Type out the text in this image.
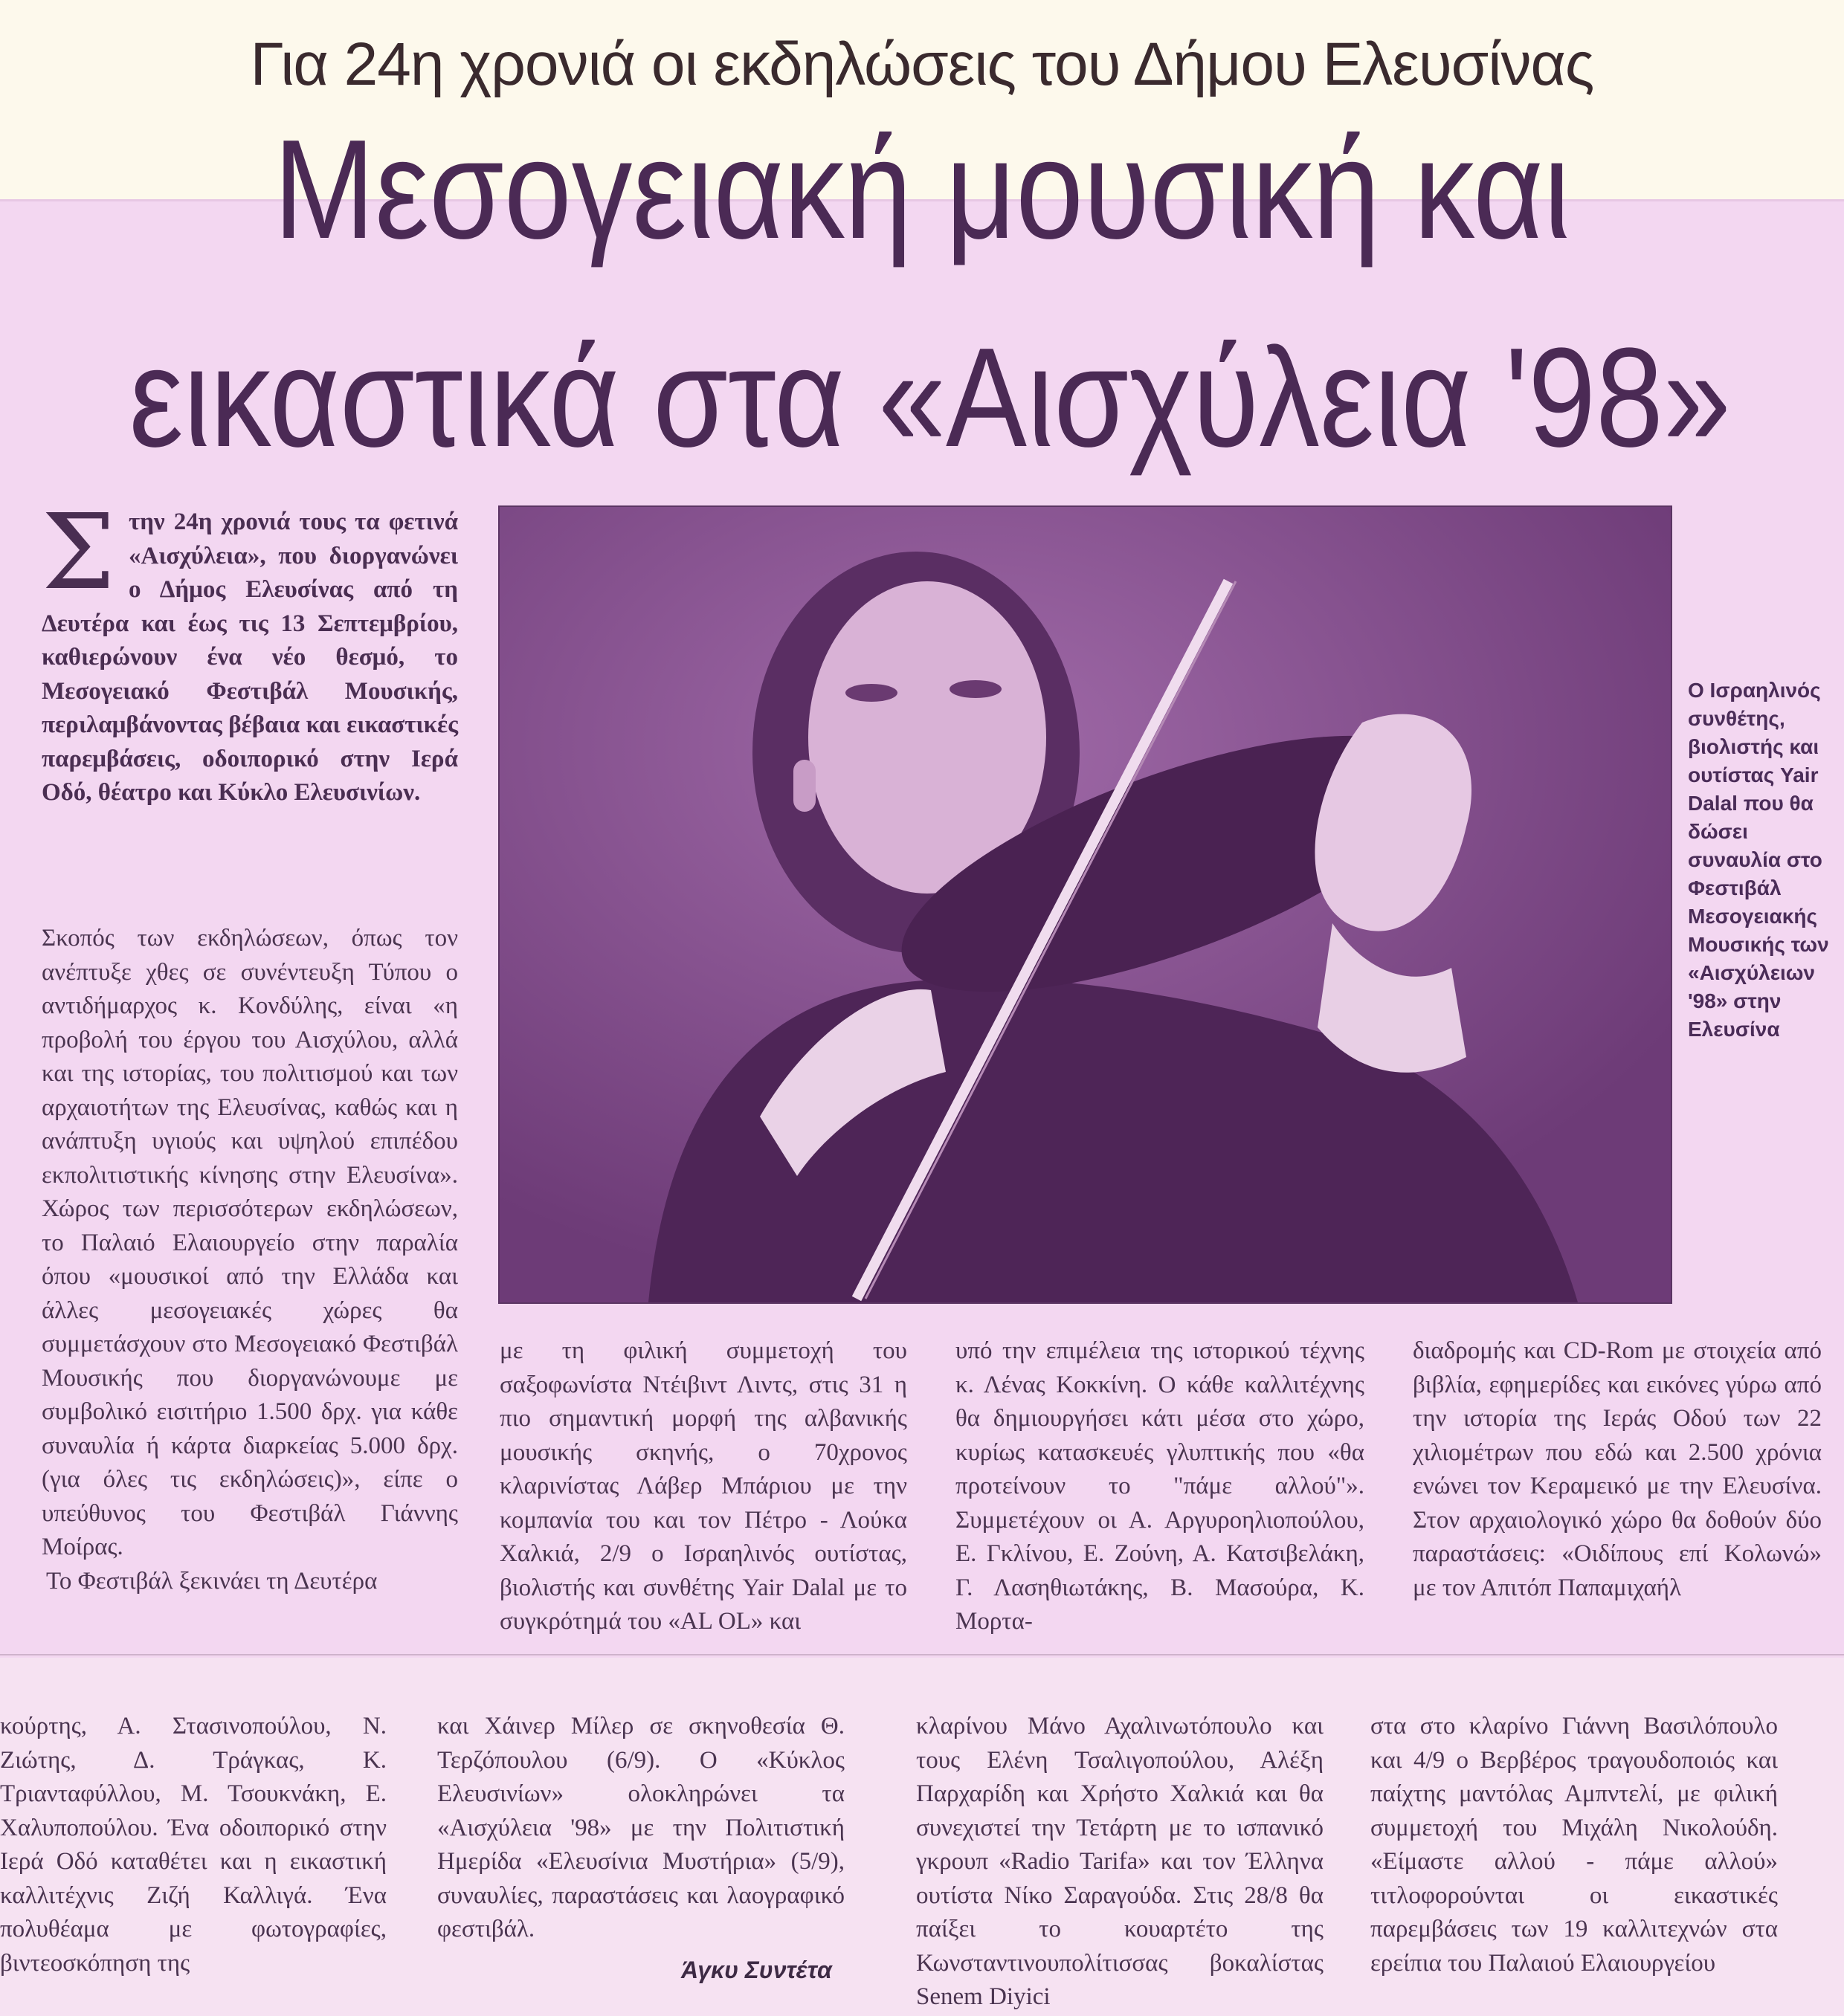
Για 24η χρονιά οι εκδηλώσεις του Δήμου Ελευσίνας
Μεσογειακή μουσική και
εικαστικά στα «Αισχύλεια '98»
Σ την 24η χρονιά τους τα φετινά «Αισχύλεια», που διοργανώνει ο Δήμος Ελευσίνας από τη Δευτέρα και έως τις 13 Σεπτεμβρίου, καθιερώνουν ένα νέο θεσμό, το Μεσογειακό Φεστιβάλ Μουσικής, περιλαμβάνοντας βέβαια και εικαστικές παρεμβάσεις, οδοιπορικό στην Ιερά Οδό, θέατρο και Κύκλο Ελευσινίων.
Σκοπός των εκδηλώσεων, όπως τον ανέπτυξε χθες σε συνέντευξη Τύπου ο αντιδήμαρχος κ. Κονδύλης, είναι «η προβολή του έργου του Αισχύλου, αλλά και της ιστορίας, του πολιτισμού και των αρχαιοτήτων της Ελευσίνας, καθώς και η ανάπτυξη υγιούς και υψηλού επιπέδου εκπολιτιστικής κίνησης στην Ελευσίνα». Χώρος των περισσότερων εκδηλώσεων, το Παλαιό Ελαιουργείο στην παραλία όπου «μουσικοί από την Ελλάδα και άλλες μεσογειακές χώρες θα συμμετάσχουν στο Μεσογειακό Φεστιβάλ Μουσικής που διοργανώνουμε με συμβολικό εισιτήριο 1.500 δρχ. για κάθε συναυλία ή κάρτα διαρκείας 5.000 δρχ. (για όλες τις εκδηλώσεις)», είπε ο υπεύθυνος του Φεστιβάλ Γιάννης Μοίρας.
Το Φεστιβάλ ξεκινάει τη Δευτέρα
Ο Ισραηλινός συνθέτης, βιολιστής και ουτίστας Yair Dalal που θα δώσει συναυλία στο Φεστιβάλ Μεσογειακής Μουσικής των «Αισχύλειων '98» στην Ελευσίνα
με τη φιλική συμμετοχή του σαξοφωνίστα Ντέιβιντ Λιντς, στις 31 η πιο σημαντική μορφή της αλβανικής μουσικής σκηνής, ο 70χρονος κλαρινίστας Λάβερ Μπάριου με την κομπανία του και τον Πέτρο - Λούκα Χαλκιά, 2/9 ο Ισραηλινός ουτίστας, βιολιστής και συνθέτης Yair Dalal με το συγκρότημά του «AL OL» και
υπό την επιμέλεια της ιστορικού τέχνης κ. Λένας Κοκκίνη. Ο κάθε καλλιτέχνης θα δημιουργήσει κάτι μέσα στο χώρο, κυρίως κατασκευές γλυπτικής που «θα προτείνουν το "πάμε αλλού"». Συμμετέχουν οι Α. Αργυροηλιοπούλου, Ε. Γκλίνου, Ε. Ζούνη, Α. Κατσιβελάκη, Γ. Λασηθιωτάκης, Β. Μασούρα, Κ. Μορτα-
διαδρομής και CD-Rom με στοιχεία από βιβλία, εφημερίδες και εικόνες γύρω από την ιστορία της Ιεράς Οδού των 22 χιλιομέτρων που εδώ και 2.500 χρόνια ενώνει τον Κεραμεικό με την Ελευσίνα. Στον αρχαιολογικό χώρο θα δοθούν δύο παραστάσεις: «Οιδίπους επί Κολωνώ» με τον Απιτόπ Παπαμιχαήλ
κούρτης, Α. Στασινοπούλου, Ν. Ζιώτης, Δ. Τράγκας, Κ. Τριανταφύλλου, Μ. Τσουκνάκη, Ε. Χαλυποπούλου. Ένα οδοιπορικό στην Ιερά Οδό καταθέτει και η εικαστική καλλιτέχνις Ζιζή Καλλιγά. Ένα πολυθέαμα με φωτογραφίες, βιντεοσκόπηση της
και Χάινερ Μίλερ σε σκηνοθεσία Θ. Τερζόπουλου (6/9). Ο «Κύκλος Ελευσινίων» ολοκληρώνει τα «Αισχύλεια '98» με την Πολιτιστική Ημερίδα «Ελευσίνια Μυστήρια» (5/9), συναυλίες, παραστάσεις και λαογραφικό φεστιβάλ.
κλαρίνου Μάνο Αχαλινωτόπουλο και τους Ελένη Τσαλιγοπούλου, Αλέξη Παρχαρίδη και Χρήστο Χαλκιά και θα συνεχιστεί την Τετάρτη με το ισπανικό γκρουπ «Radio Tarifa» και τον Έλληνα ουτίστα Νίκο Σαραγούδα. Στις 28/8 θα παίξει το κουαρτέτο της Κωνσταντινουπολίτισσας βοκαλίστας Senem Diyici
στα στο κλαρίνο Γιάννη Βασιλόπουλο και 4/9 ο Βερβέρος τραγουδοποιός και παίχτης μαντόλας Αμπντελί, με φιλική συμμετοχή του Μιχάλη Νικολούδη. «Είμαστε αλλού - πάμε αλλού» τιτλοφορούνται οι εικαστικές παρεμβάσεις των 19 καλλιτεχνών στα ερείπια του Παλαιού Ελαιουργείου
Άγκυ Συντέτα
